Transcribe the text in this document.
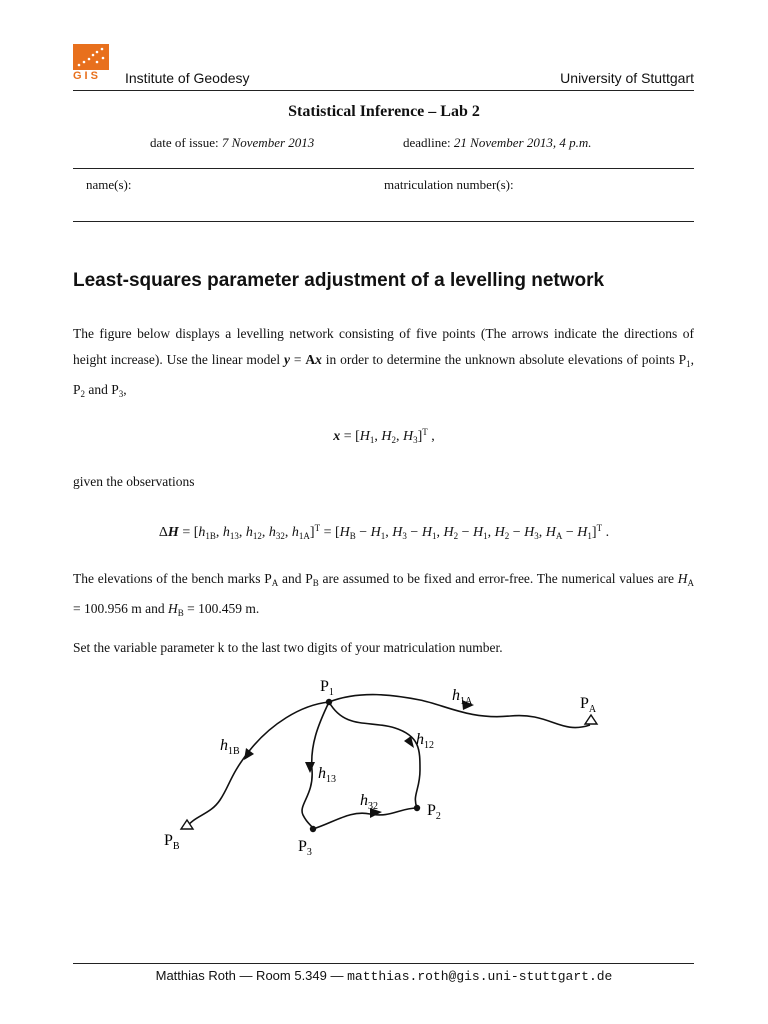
GIS Institute of Geodesy	University of Stuttgart
Statistical Inference – Lab 2
date of issue: 7 November 2013	deadline: 21 November 2013, 4 p.m.
name(s):	matriculation number(s):
Least-squares parameter adjustment of a levelling network
The figure below displays a levelling network consisting of five points (The arrows indicate the directions of height increase). Use the linear model y = Ax in order to determine the unknown absolute elevations of points $P_1$, $P_2$ and $P_3$,
$x = [H_1$, $H_2$, $H_3]^T$ ,
given the observations
$\Delta H = [h_{1B}$, $h_{13}$, $h_{12}$, $h_{32}$, $h_{1A}]^T = [H_B - H_1$, $H_3 - H_1$, $H_2 - H_1$, $H_2 - H_3$, $H_A - H_1]^T$ .
The elevations of the bench marks $P_A$ and $P_B$ are assumed to be fixed and error-free. The numerical values are $H_A = 100.956$ m and $H_B = 100.459$ m.
Set the variable parameter k to the last two digits of your matriculation number.
$P_1$
$P_A$
$P_B$
$P_2$
$P_3$
$h_{1A}$
$h_{1B}$
$h_{12}$
$h_{13}$
$h_{32}$
Matthias Roth — Room 5.349 — matthias.roth@gis.uni-stuttgart.de
